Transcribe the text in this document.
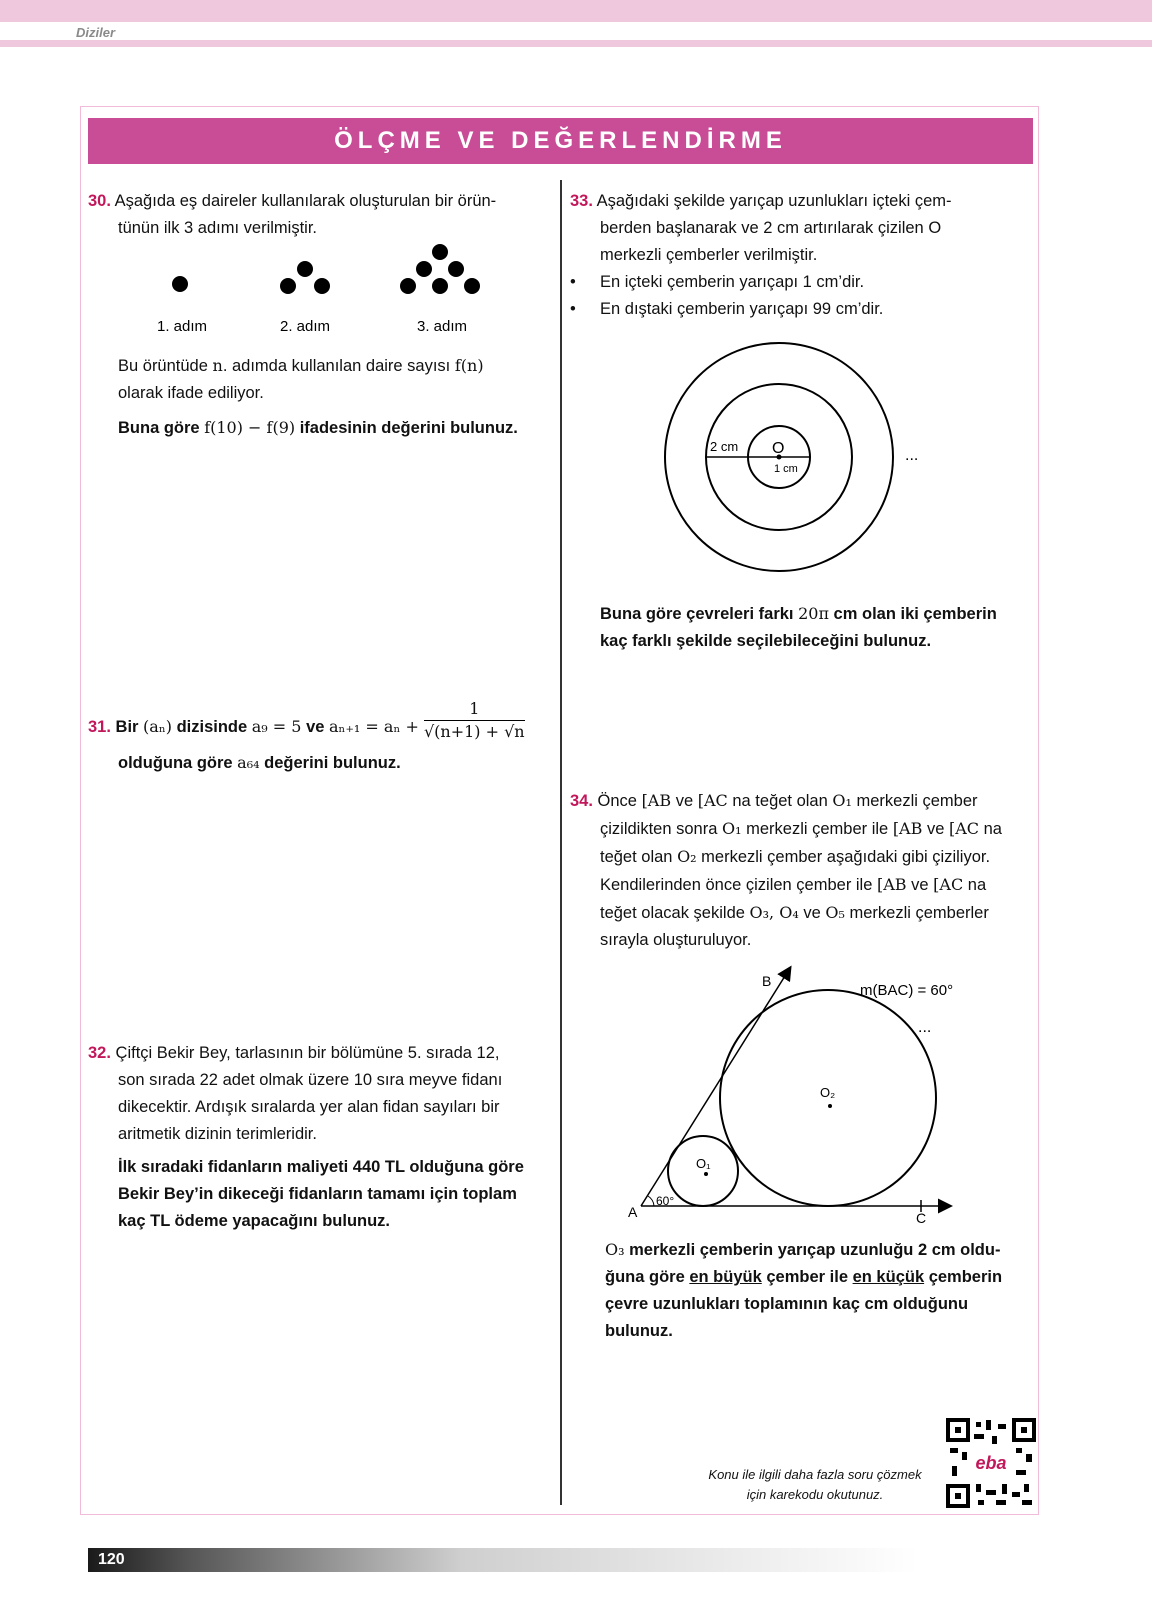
Diziler
ÖLÇME VE DEĞERLENDİRME
30. Aşağıda eş daireler kullanılarak oluşturulan bir örün-
tünün ilk 3 adımı verilmiştir.
1. adım	2. adım	3. adım
Bu örüntüde n. adımda kullanılan daire sayısı f(n)
olarak ifade ediliyor.
Buna göre f(10) − f(9) ifadesinin değerini bulunuz.
31. Bir (aₙ) dizisinde a₉ = 5 ve $a_{n+1} = a_n + \frac{1}{√(n+1) + √n}$
olduğuna göre a₆₄ değerini bulunuz.
32. Çiftçi Bekir Bey, tarlasının bir bölümüne 5. sırada 12,
son sırada 22 adet olmak üzere 10 sıra meyve fidanı
dikecektir. Ardışık sıralarda yer alan fidan sayıları bir
aritmetik dizinin terimleridir.
İlk sıradaki fidanların maliyeti 440 TL olduğuna göre
Bekir Bey’in dikeceği fidanların tamamı için toplam
kaç TL ödeme yapacağını bulunuz.
33. Aşağıdaki şekilde yarıçap uzunlukları içteki çem-
berden başlanarak ve 2 cm artırılarak çizilen O
merkezli çemberler verilmiştir.
• En içteki çemberin yarıçapı 1 cm’dir.
• En dıştaki çemberin yarıçapı 99 cm’dir.
2 cm O
1 cm
...
Buna göre çevreleri farkı 20π cm olan iki çemberin
kaç farklı şekilde seçilebileceğini bulunuz.
34. Önce [AB ve [AC na teğet olan O₁ merkezli çember
çizildikten sonra O₁ merkezli çember ile [AB ve [AC na
teğet olan O₂ merkezli çember aşağıdaki gibi çiziliyor.
Kendilerinden önce çizilen çember ile [AB ve [AC na
teğet olacak şekilde O₃, O₄ ve O₅ merkezli çemberler
sırayla oluşturuluyor.
B
m(BAC) = 60°
...
O₂
O₁
60°
A	C
O₃ merkezli çemberin yarıçap uzunluğu 2 cm oldu-
ğuna göre en büyük çember ile en küçük çemberin
çevre uzunlukları toplamının kaç cm olduğunu
bulunuz.
Konu ile ilgili daha fazla soru çözmek
için karekodu okutunuz.
eba
120
